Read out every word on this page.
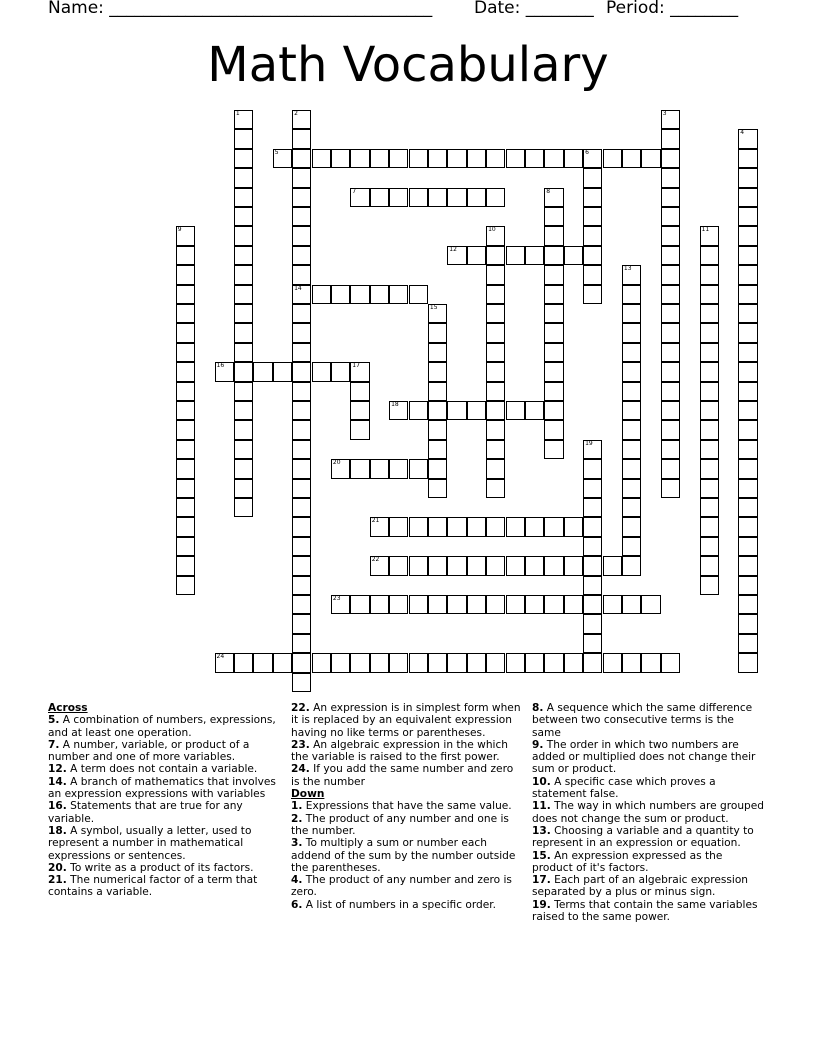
Name: ______________________________________ Date: ________ Period: ________
Math Vocabulary
1	2
14
3
4
5	6
7	8
9	10	11
12
13
15
16	17
18
19
20
21
22
23
24
Across
5. A combination of numbers, expressions, and at least one operation.
7. A number, variable, or product of a number and one of more variables.
12. A term does not contain a variable.
14. A branch of mathematics that involves an expression expressions with variables
16. Statements that are true for any variable.
18. A symbol, usually a letter, used to represent a number in mathematical expressions or sentences.
20. To write as a product of its factors.
21. The numerical factor of a term that contains a variable.
22. An expression is in simplest form when it is replaced by an equivalent expression having no like terms or parentheses.
23. An algebraic expression in the which the variable is raised to the first power.
24. If you add the same number and zero is the number
Down
1. Expressions that have the same value.
2. The product of any number and one is the number.
3. To multiply a sum or number each addend of the sum by the number outside the parentheses.
4. The product of any number and zero is zero.
6. A list of numbers in a specific order.
8. A sequence which the same difference between two consecutive terms is the same
9. The order in which two numbers are added or multiplied does not change their sum or product.
10. A specific case which proves a statement false.
11. The way in which numbers are grouped does not change the sum or product.
13. Choosing a variable and a quantity to represent in an expression or equation.
15. An expression expressed as the product of it's factors.
17. Each part of an algebraic expression separated by a plus or minus sign.
19. Terms that contain the same variables raised to the same power.
